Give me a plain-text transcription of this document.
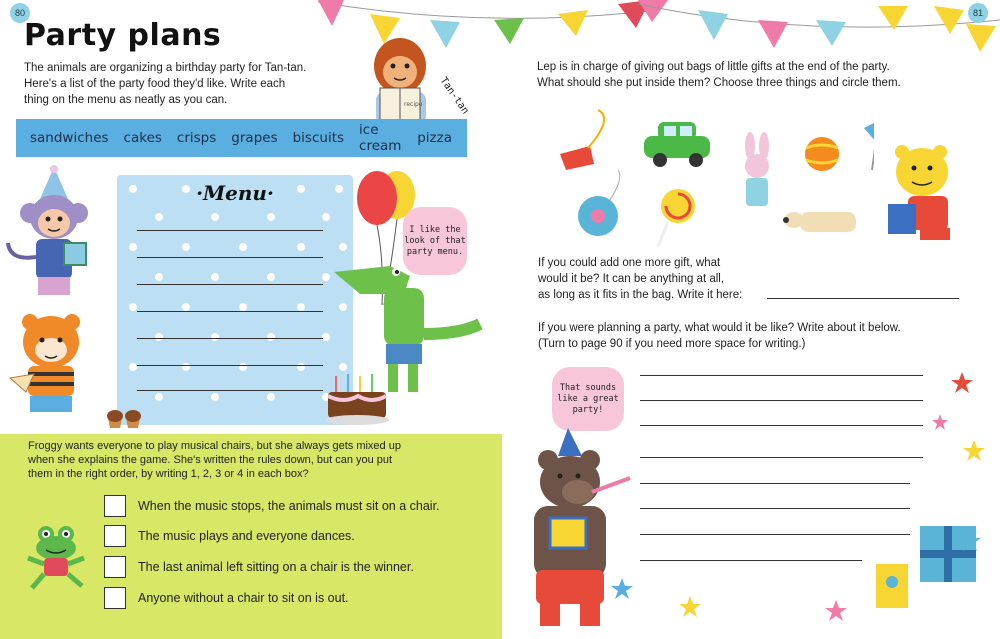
80
Party plans
The animals are organizing a birthday party for Tan-tan.
Here's a list of the party food they'd like. Write each
thing on the menu as neatly as you can.	recipe Tan-tan
sandwiches cakes crisps grapes biscuits ice cream pizza
·Menu·
I like the
look of that
party menu.
Froggy wants everyone to play musical chairs, but she always gets mixed up
when she explains the game. She's written the rules down, but can you put
them in the right order, by writing 1, 2, 3 or 4 in each box?
When the music stops, the animals must sit on a chair.
The music plays and everyone dances.
The last animal left sitting on a chair is the winner.
Anyone without a chair to sit on is out.
81
Lep is in charge of giving out bags of little gifts at the end of the party.
What should she put inside them? Choose three things and circle them.
If you could add one more gift, what
would it be? It can be anything at all,
as long as it fits in the bag. Write it here:
If you were planning a party, what would it be like? Write about it below.
(Turn to page 90 if you need more space for writing.)
That sounds
like a great
party!
